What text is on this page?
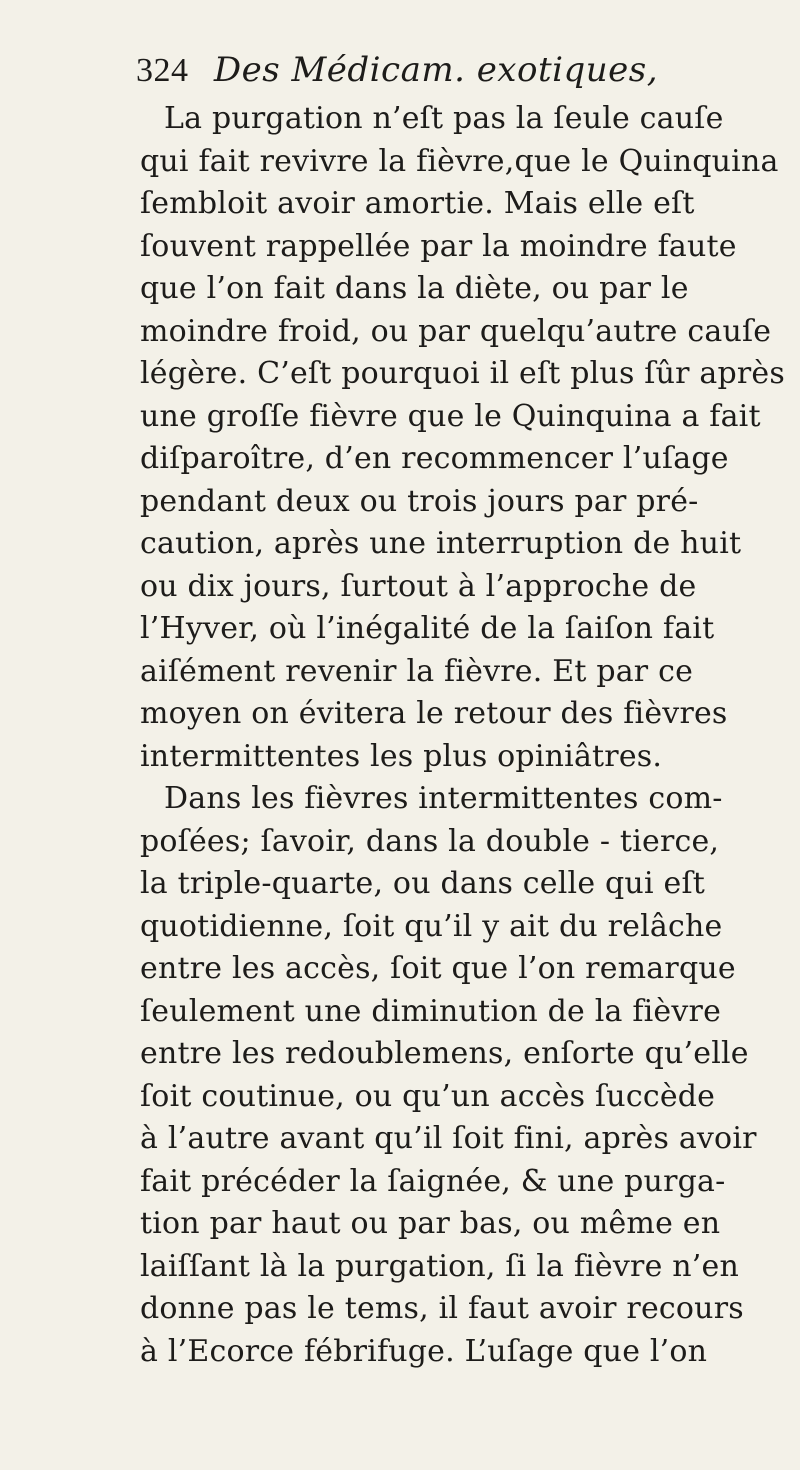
324 Des Médicam. exotiques,
La purgation n’eſt pas la ſeule cauſe
qui fait revivre la fièvre,que le Quinquina
ſembloit avoir amortie. Mais elle eſt
ſouvent rappellée par la moindre faute
que l’on fait dans la diète, ou par le
moindre froid, ou par quelqu’autre cauſe
légère. C’eſt pourquoi il eſt plus ſûr après
une groſſe fièvre que le Quinquina a fait
diſparoître, d’en recommencer l’uſage
pendant deux ou trois jours par pré-
caution, après une interruption de huit
ou dix jours, ſurtout à l’approche de
l’Hyver, où l’inégalité de la ſaiſon fait
aiſément revenir la fièvre. Et par ce
moyen on évitera le retour des fièvres
intermittentes les plus opiniâtres.
Dans les fièvres intermittentes com-
poſées; ſavoir, dans la double - tierce,
la triple-quarte, ou dans celle qui eſt
quotidienne, ſoit qu’il y ait du relâche
entre les accès, ſoit que l’on remarque
ſeulement une diminution de la fièvre
entre les redoublemens, enſorte qu’elle
ſoit coutinue, ou qu’un accès ſuccède
à l’autre avant qu’il ſoit fini, après avoir
fait précéder la ſaignée, & une purga-
tion par haut ou par bas, ou même en
laiſſant là la purgation, ſi la fièvre n’en
donne pas le tems, il faut avoir recours
à l’Ecorce fébrifuge. L’uſage que l’on
